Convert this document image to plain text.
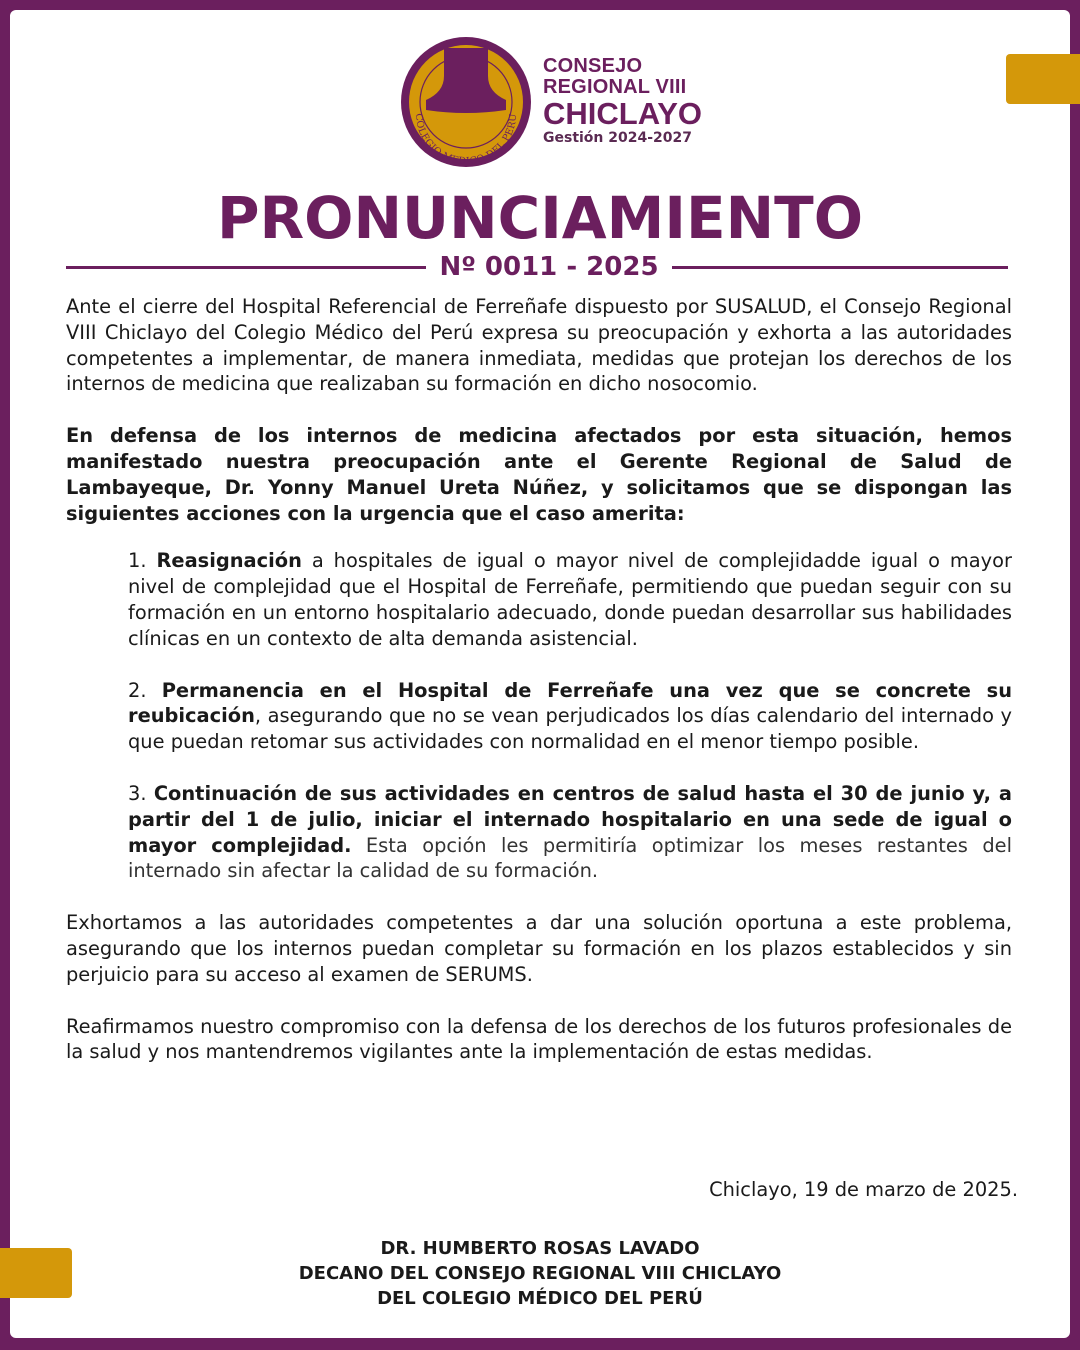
COLEGIO MEDICO DEL PERU
CONSEJO
REGIONAL VIII
CHICLAYO
Gestión 2024-2027
PRONUNCIAMIENTO
Nº 0011 - 2025

Ante el cierre del Hospital Referencial de Ferreñafe dispuesto por SUSALUD, el Consejo Regional VIII Chiclayo del Colegio Médico del Perú expresa su preocupación y exhorta a las autoridades competentes a implementar, de manera inmediata, medidas que protejan los derechos de los internos de medicina que realizaban su formación en dicho nosocomio.

En defensa de los internos de medicina afectados por esta situación, hemos manifestado nuestra preocupación ante el Gerente Regional de Salud de Lambayeque, Dr. Yonny Manuel Ureta Núñez, y solicitamos que se dispongan las siguientes acciones con la urgencia que el caso amerita:

1. Reasignación a hospitales de igual o mayor nivel de complejidadde igual o mayor nivel de complejidad que el Hospital de Ferreñafe, permitiendo que puedan seguir con su formación en un entorno hospitalario adecuado, donde puedan desarrollar sus habilidades clínicas en un contexto de alta demanda asistencial.
2. Permanencia en el Hospital de Ferreñafe una vez que se concrete su reubicación, asegurando que no se vean perjudicados los días calendario del internado y que puedan retomar sus actividades con normalidad en el menor tiempo posible.
3. Continuación de sus actividades en centros de salud hasta el 30 de junio y, a partir del 1 de julio, iniciar el internado hospitalario en una sede de igual o mayor complejidad. Esta opción les permitiría optimizar los meses restantes del internado sin afectar la calidad de su formación.

Exhortamos a las autoridades competentes a dar una solución oportuna a este problema, asegurando que los internos puedan completar su formación en los plazos establecidos y sin perjuicio para su acceso al examen de SERUMS.

Reafirmamos nuestro compromiso con la defensa de los derechos de los futuros profesionales de la salud y nos mantendremos vigilantes ante la implementación de estas medidas.

Chiclayo, 19 de marzo de 2025.
DR. HUMBERTO ROSAS LAVADO
DECANO DEL CONSEJO REGIONAL VIII CHICLAYO
DEL COLEGIO MÉDICO DEL PERÚ
